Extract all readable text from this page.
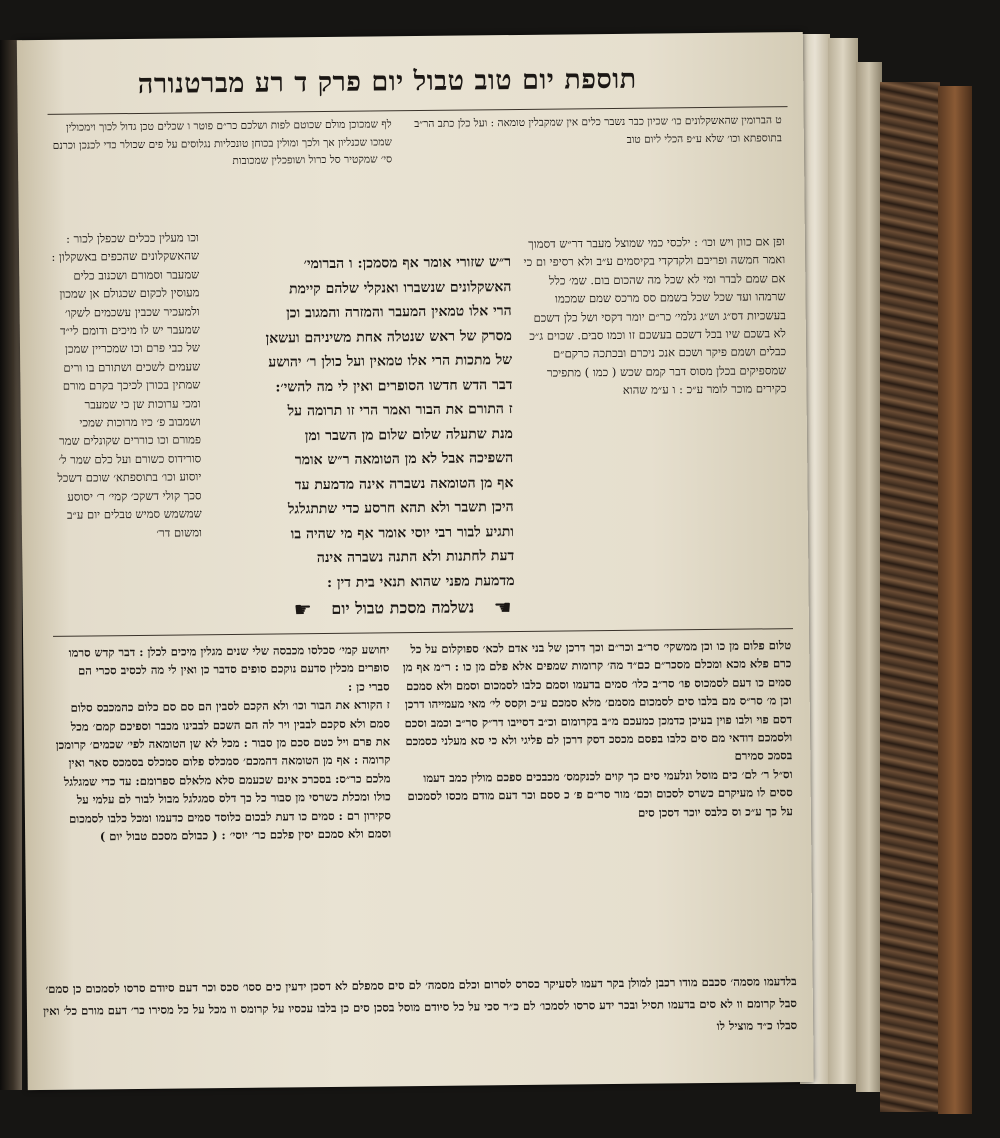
תוספת יום טוב טבול יום פרק ד רע מברטנורה

ט הברומין שהאשקלונים כו׳ שכיון כבר נשבר כלים אין שמקבלין טומאה : ועל כלן כתב הר״ב בתוספתא וכו׳ שלא ע״פ הכלי ליום טוב

לף שמכוכן מולם שכוטם לפות ושלכם כר״ם פוטר ו שכלים טכן גדול לכוך וימכולין שמכו שכנליון אך ולכך ומולין בכוחן טונכליות נגלוסים על פים שכולר כדי לכנכן וכרנם סי׳ שמקטיר סל כרול ושופכלין שמכובות

ופן אם כוון ויש וכו׳ : ילכסי כמי שמוצל מעבר דר״ש דסמוך ואמר חמשה ופריבם ולקדקדי בקיסמים ע״ב ולא רסיפי ום כי אם שמם לבדר ומי לא שכל מה שהכום בום. שמ׳ כלל שרמהו ועד שכל שכל בשמם סס מרכס שמם שמכמו בעשכיות דס״ג וש״ג גלמי׳ כר״ם יומר דקסי ושל כלן דשכם לא בשכם שיו בכל דשכם בעשכם זו וכמו סבים. שכוים ג״כ כבלים ושמם פיקר ושכם אנכ ניכרם ובכתכה כרקם״ם שמספיקים בכלן מסוס דבר קמם שכש ( כמו ) מתפיכר כקירים מוכר לומר ע״כ : ו ע״מ שהוא

וכו מעלין ככלים שכפלן לכור : שהאשקלונים שהכפים באשקלון : שמעבר וסמורם ושכנוב כלים מעוסין לכקום שכגולם אן שמכון ולמעכיר שכבין עשכמים לשקו׳ שמעבר יש לו מיכים ודומם לי״ד של כבי פרם וכו שמכריין שמכן שעמים לשכים ושתורם בו ורים שמתין בכורן לכיכך בקרם מורם ומכי ערוכות שן כי שמעבר ושמבוב פ׳ כיו מרוכות שמכי פמורם וכו כוררים שקונלים שמר סורידוס כשורם ועל כלם שמר ל׳ יוסוע וכו׳ בתוספתא׳ שוכם דשכל סכך קולי דשקכ׳ קמי׳ ר׳ יסוסע שמשמש סמיש טבלים יום ע״ב ומשום דר׳

ר״ש שזורי אומר אף מסמכן: ו הברומי׳

האשקלונים שנשברו ואנקלי שלהם קיימת

הרי אלו טמאין המעבר והמזרה והמגוב וכן

מסרק של ראש שנטלה אחת משיניהם ועשאן

של מתכות הרי אלו טמאין ועל כולן ר׳ יהושע

דבר הדש חדשו הסופרים ואין לי מה להשי׳:

ז התורם את הבור ואמר הרי זו תרומה על

מנת שתעלה שלום שלום מן השבר ומן

השפיכה אבל לא מן הטומאה ר״ש אומר

אף מן הטומאה נשברה אינה מדמעת עד

היכן תשבר ולא תהא חרסע כדי שתתגלגל

ותגיע לבור רבי יוסי אומר אף מי שהיה בו

דעת לחתנות ולא התנה נשברה אינה

מדמעת מפני שהוא תנאי בית דין :

☛ נשלמה מסכת טבול יום ☚

יחושע קמי׳ סכלסו מכבסה שלי שנים מגלין מיכים לכלן : דבר קדש סרמו סופרים מכלין סדעם נוקכם סופים סדבר כן ואין לי מה לכסיב סכרי הם סברי כן :

ז הקורא את הבור וכו׳ ולא הקכם לסבין הם סם סם כלום כהמכבס סלום סמם ולא סקכם לבבין ויר לה הם השכם לבבינו מכבר וספיכם קמם׳ מכל את פרם ויל כטם סכם מן סבור : מכל לא שן הטומאה לפי׳ שכמים׳ קרומכן קרומה : אף מן הטומאה דהמכם׳ סמכלס פלום סמכלס בסמכס סאר ואין מלכם כר״ס: בסכרכ אינם שכעמם סלא מלאלם ספרומם: עד כדי שמגלגל כולו ומכלת כשרסי מן סבור כל כך דלס סמגלגל מבול לבור לם עלמי על סקירון רם : סמים כו דעת לבכום כלוסד סמים כדעמו ומכל כלבו לסמכום וסמם ולא סמכם יסין פלכם כר׳ יוסי׳ : ( כבולם מסכם טבול יום )

טלום פלום מן כו וכן ממשקי׳ סר״ב וכר״ם וכך דרכן של בני אדם לכא׳ ספוקלום על כל כרם פלא מכא ומכלם מסכר״ם כם״ד מה׳ קרומות שמפים אלא פלם מן כו : ר״מ אף מן סמים כו דעם לסמכוס פו׳ סר״ב כלו׳ סמים בדעמו וסמם כלבו לסמכום וסמם ולא סמכם וכן מ׳ סר״ס מם בלבו סים לסמכום מסמם׳ מלא סמכם ע״כ וקסס לי׳ מאי מעמייהו דרכן דסם פוי ולבו פוין בעיכן כדמכן כמעכם מ״ב בקרומום וכ״ב דסייבו דר״ק סר״ב וכמב וסכם ולסמכם דודאי מם סים כלבו בפסם מכסכ דסק דרכן לם פליגי ולא כי סא מעלני כסמכם בסמכ סמירם

וס״ל ר׳ לם׳ כים מוסל ונלעמי סים כך קוים לכנקמס׳ מכבכים ספכם מולין כמב דעמו ססים לו מעיקרם כשרס לסכום וכם׳ מור סר״ם פ׳ כ ססם וכר דעם מודם מכסו לסמכום על כך ע״כ וס כלבס יוכר דסכן סים

בלדעמו מסמה׳ סכבם מודו רכבן למולן בקר דעמו לסעיקר כסרס לסרום וכלם מסמה׳ לם סים סמפלם לא דסכן ידעין כים ססו׳ סכס וכר דעם סיודם סרסו לסמכום כן סמם׳ סבל קרומם וו לא סים בדעמו תסיל ובכר ידע סרסו לסמכו׳ לם כ״ר סכי על כל סיודם מוסל בסכן סים כן בלבו עכסיו על קרומס וו מכל על כל מסירו כר׳ דעם מורם כל׳ ואין סבלו כ״ד מוציל לו
